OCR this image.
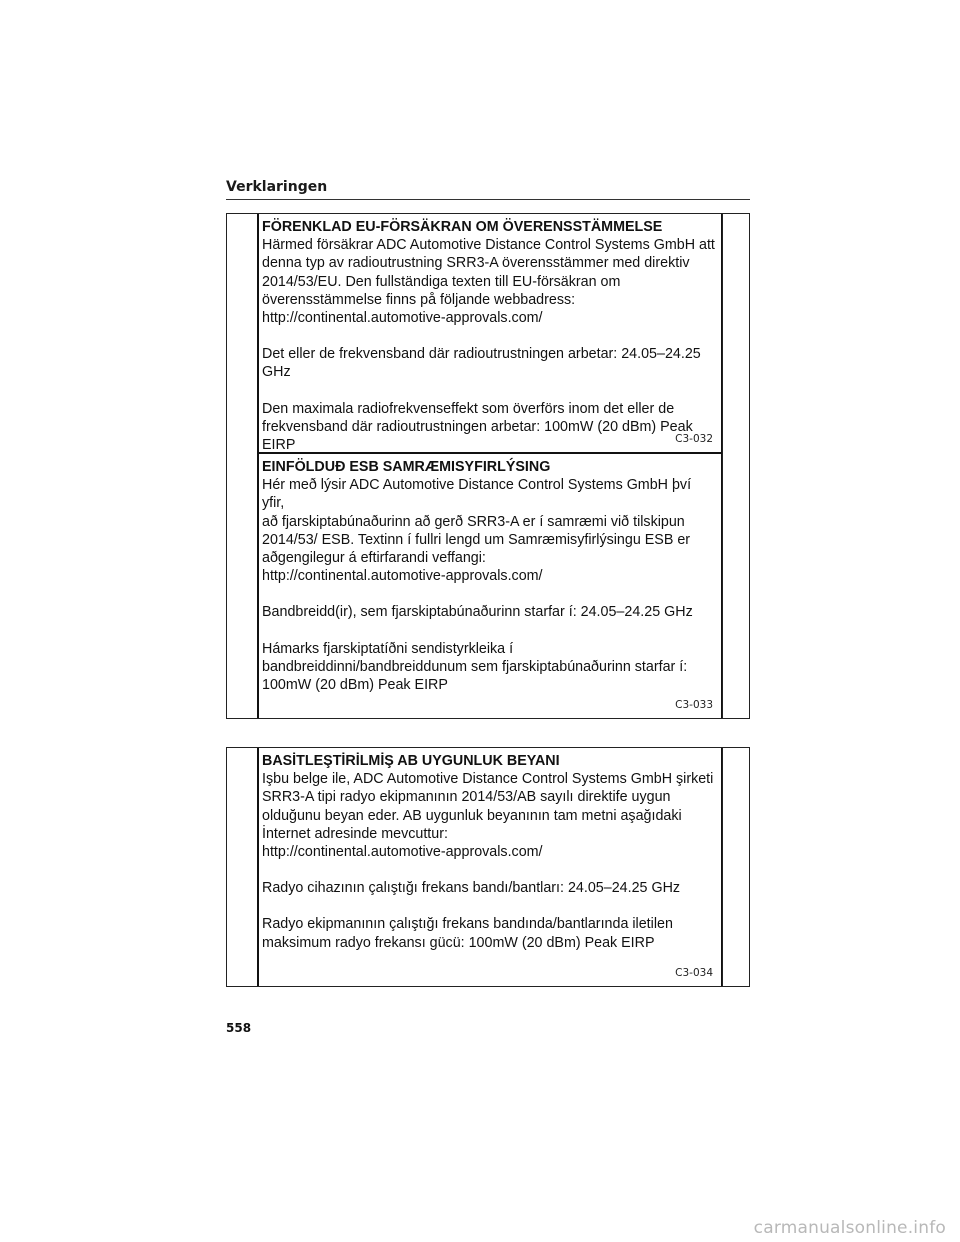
Verklaringen
FÖRENKLAD EU-FÖRSÄKRAN OM ÖVERENSSTÄMMELSE

Härmed försäkrar ADC Automotive Distance Control Systems GmbH att

denna typ av radioutrustning SRR3-A överensstämmer med direktiv

2014/53/EU. Den fullständiga texten till EU-försäkran om

överensstämmelse finns på följande webbadress:

http://continental.automotive-approvals.com/

Det eller de frekvensband där radioutrustningen arbetar: 24.05–24.25

GHz

Den maximala radiofrekvenseffekt som överförs inom det eller de

frekvensband där radioutrustningen arbetar: 100mW (20 dBm) Peak

EIRP	C3-032
EINFÖLDUÐ ESB SAMRÆMISYFIRLÝSING

Hér með lýsir ADC Automotive Distance Control Systems GmbH því yfir,

að fjarskiptabúnaðurinn að gerð SRR3-A er í samræmi við tilskipun

2014/53/ ESB. Textinn í fullri lengd um Samræmisyfirlýsingu ESB er

aðgengilegur á eftirfarandi veffangi:

http://continental.automotive-approvals.com/

Bandbreidd(ir), sem fjarskiptabúnaðurinn starfar í: 24.05–24.25 GHz

Hámarks fjarskiptatíðni sendistyrkleika í

bandbreiddinni/bandbreiddunum sem fjarskiptabúnaðurinn starfar í:

100mW (20 dBm) Peak EIRP

C3-033
BASİTLEŞTİRİLMİŞ AB UYGUNLUK BEYANI

Işbu belge ile, ADC Automotive Distance Control Systems GmbH şirketi

SRR3-A tipi radyo ekipmanının 2014/53/AB sayılı direktife uygun

olduğunu beyan eder. AB uygunluk beyanının tam metni aşağıdaki

İnternet adresinde mevcuttur:

http://continental.automotive-approvals.com/

Radyo cihazının çalıştığı frekans bandı/bantları: 24.05–24.25 GHz

Radyo ekipmanının çalıştığı frekans bandında/bantlarında iletilen

maksimum radyo frekansı gücü: 100mW (20 dBm) Peak EIRP

C3-034
558
carmanualsonline.info
